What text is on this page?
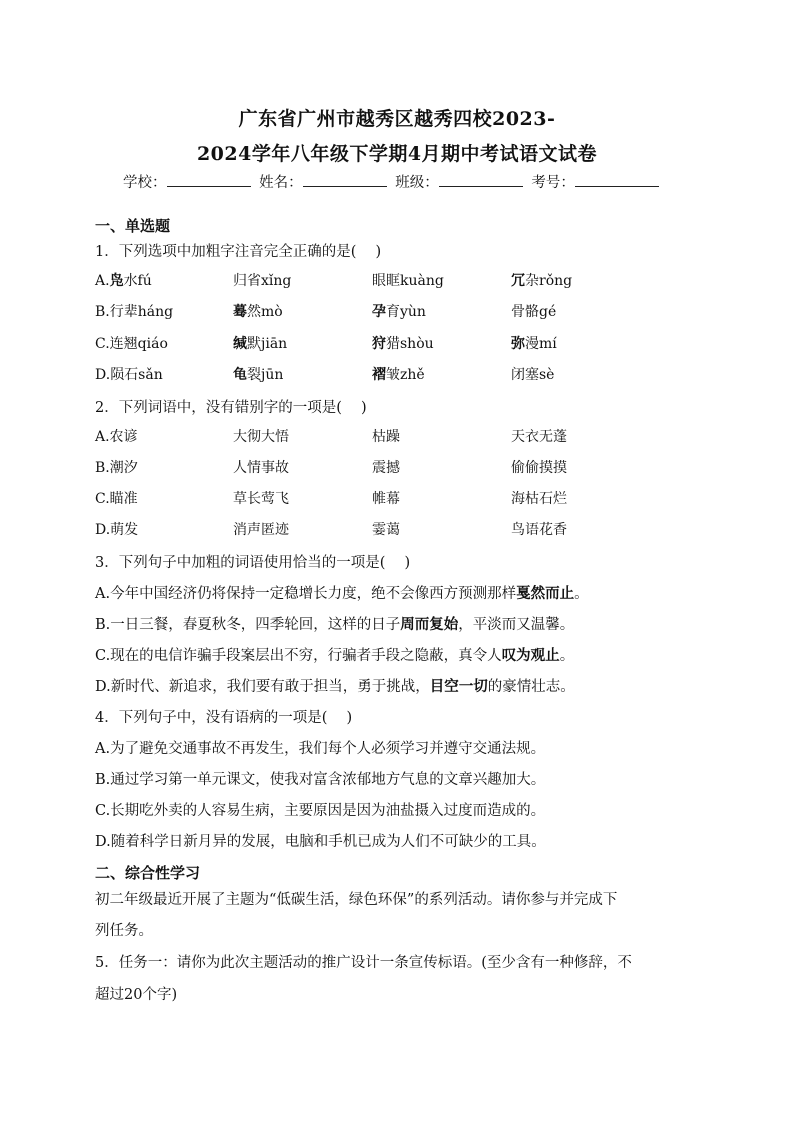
广东省广州市越秀区越秀四校2023-
2024学年八年级下学期4月期中考试语文试卷
学校：	姓名：	班级：	考号：
一、单选题
1．下列选项中加粗字注音完全正确的是(　 )
A.凫水fú	归省xǐng	眼眶kuàng	冗杂rǒng
B.行辈háng	蓦然mò	孕育yùn	骨骼gé
C.连翘qiáo	缄默jiān	狩猎shòu	弥漫mí
D.陨石sǎn	龟裂jūn	褶皱zhě	闭塞sè
2．下列词语中，没有错别字的一项是(　 )
A.农谚	大彻大悟	枯躁	天衣无蓬
B.潮汐	人情事故	震撼	偷偷摸摸
C.瞄准	草长莺飞	帷幕	海枯石烂
D.萌发	消声匿迹	霎蔼	鸟语花香
3．下列句子中加粗的词语使用恰当的一项是(　 )
A.今年中国经济仍将保持一定稳增长力度，绝不会像西方预测那样戛然而止。
B.一日三餐，春夏秋冬，四季轮回，这样的日子周而复始，平淡而又温馨。
C.现在的电信诈骗手段案层出不穷，行骗者手段之隐蔽，真令人叹为观止。
D.新时代、新追求，我们要有敢于担当，勇于挑战，目空一切的豪情壮志。
4．下列句子中，没有语病的一项是(　 )
A.为了避免交通事故不再发生，我们每个人必须学习并遵守交通法规。
B.通过学习第一单元课文，使我对富含浓郁地方气息的文章兴趣加大。
C.长期吃外卖的人容易生病，主要原因是因为油盐摄入过度而造成的。
D.随着科学日新月异的发展，电脑和手机已成为人们不可缺少的工具。
二、综合性学习
初二年级最近开展了主题为“低碳生活，绿色环保”的系列活动。请你参与并完成下
列任务。
5．任务一：请你为此次主题活动的推广设计一条宣传标语。(至少含有一种修辞，不
超过20个字)
